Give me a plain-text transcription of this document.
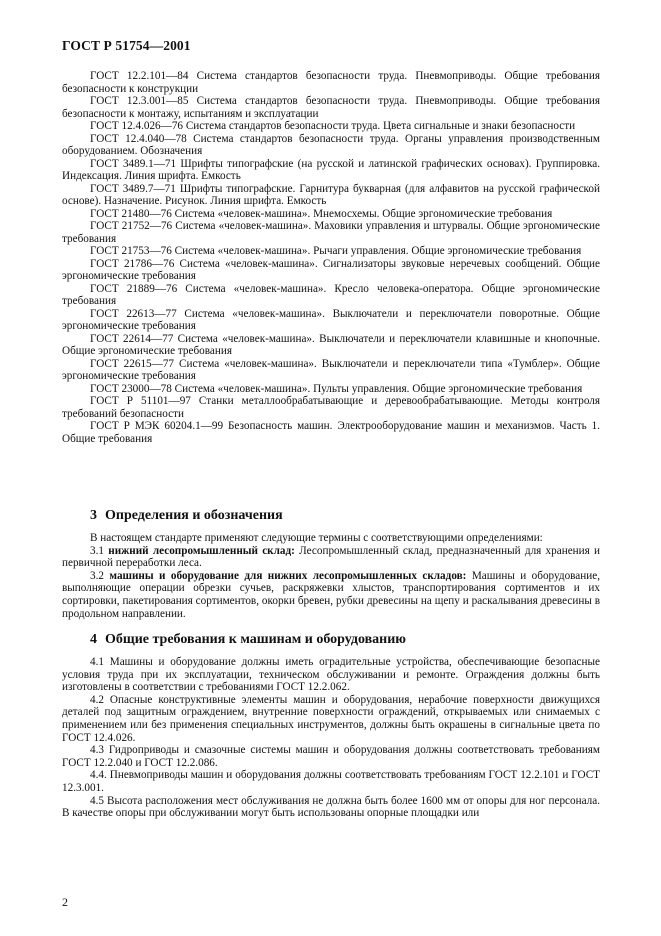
ГОСТ Р 51754—2001

ГОСТ 12.2.101—84 Система стандартов безопасности труда. Пневмоприводы. Общие требования безопасности к конструкции

ГОСТ 12.3.001—85 Система стандартов безопасности труда. Пневмоприводы. Общие требования безопасности к монтажу, испытаниям и эксплуатации

ГОСТ 12.4.026—76 Система стандартов безопасности труда. Цвета сигнальные и знаки безопасности

ГОСТ 12.4.040—78 Система стандартов безопасности труда. Органы управления производственным оборудованием. Обозначения

ГОСТ 3489.1—71 Шрифты типографские (на русской и латинской графических основах). Группировка. Индексация. Линия шрифта. Емкость

ГОСТ 3489.7—71 Шрифты типографские. Гарнитура букварная (для алфавитов на русской графической основе). Назначение. Рисунок. Линия шрифта. Емкость

ГОСТ 21480—76 Система «человек-машина». Мнемосхемы. Общие эргономические требования

ГОСТ 21752—76 Система «человек-машина». Маховики управления и штурвалы. Общие эргономические требования

ГОСТ 21753—76 Система «человек-машина». Рычаги управления. Общие эргономические требования

ГОСТ 21786—76 Система «человек-машина». Сигнализаторы звуковые неречевых сообщений. Общие эргономические требования

ГОСТ 21889—76 Система «человек-машина». Кресло человека-оператора. Общие эргономические требования

ГОСТ 22613—77 Система «человек-машина». Выключатели и переключатели поворотные. Общие эргономические требования

ГОСТ 22614—77 Система «человек-машина». Выключатели и переключатели клавишные и кнопочные. Общие эргономические требования

ГОСТ 22615—77 Система «человек-машина». Выключатели и переключатели типа «Тумблер». Общие эргономические требования

ГОСТ 23000—78 Система «человек-машина». Пульты управления. Общие эргономические требования

ГОСТ Р 51101—97 Станки металлообрабатывающие и деревообрабатывающие. Методы контроля требований безопасности

ГОСТ Р МЭК 60204.1—99 Безопасность машин. Электрооборудование машин и механизмов. Часть 1. Общие требования

3 Определения и обозначения

В настоящем стандарте применяют следующие термины с соответствующими определениями:

3.1 нижний лесопромышленный склад: Лесопромышленный склад, предназначенный для хранения и первичной переработки леса.

3.2 машины и оборудование для нижних лесопромышленных складов: Машины и оборудование, выполняющие операции обрезки сучьев, раскряжевки хлыстов, транспортирования сортиментов и их сортировки, пакетирования сортиментов, окорки бревен, рубки древесины на щепу и раскалывания древесины в продольном направлении.

4 Общие требования к машинам и оборудованию

4.1 Машины и оборудование должны иметь оградительные устройства, обеспечивающие безопасные условия труда при их эксплуатации, техническом обслуживании и ремонте. Ограждения должны быть изготовлены в соответствии с требованиями ГОСТ 12.2.062.

4.2 Опасные конструктивные элементы машин и оборудования, нерабочие поверхности движущихся деталей под защитным ограждением, внутренние поверхности ограждений, открываемых или снимаемых с применением или без применения специальных инструментов, должны быть окрашены в сигнальные цвета по ГОСТ 12.4.026.

4.3 Гидроприводы и смазочные системы машин и оборудования должны соответствовать требованиям ГОСТ 12.2.040 и ГОСТ 12.2.086.

4.4. Пневмоприводы машин и оборудования должны соответствовать требованиям ГОСТ 12.2.101 и ГОСТ 12.3.001.

4.5 Высота расположения мест обслуживания не должна быть более 1600 мм от опоры для ног персонала. В качестве опоры при обслуживании могут быть использованы опорные площадки или

2
